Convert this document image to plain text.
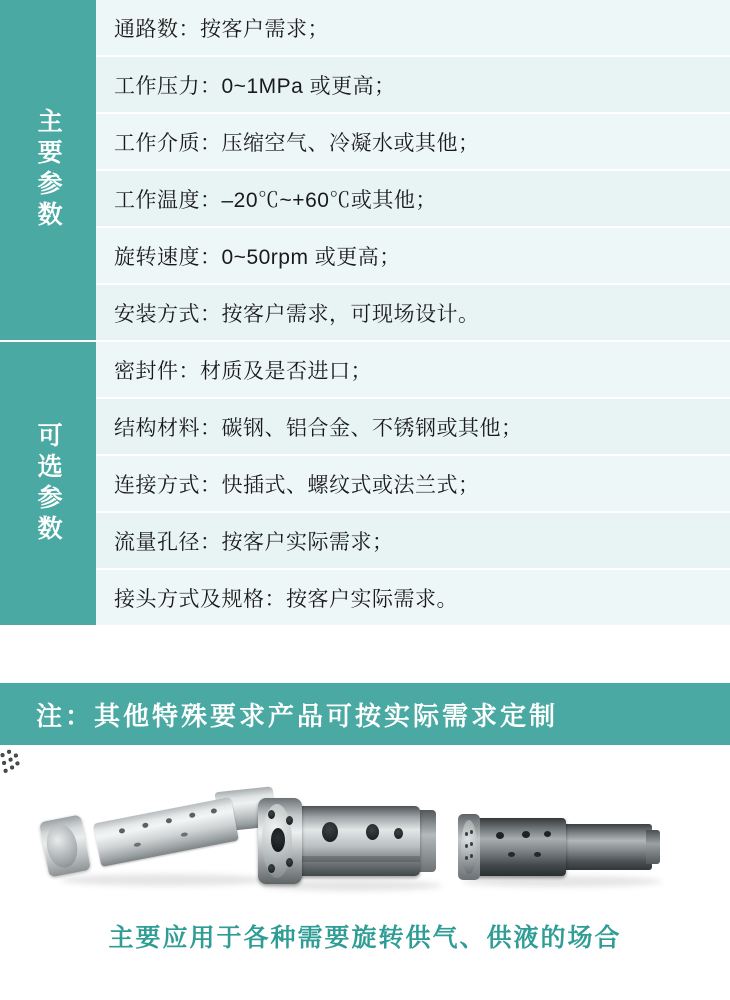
主要参数
通路数：按客户需求；
工作压力：0~1MPa 或更高；
工作介质：压缩空气、冷凝水或其他；
工作温度：–20℃~+60℃或其他；
旋转速度：0~50rpm 或更高；
安装方式：按客户需求，可现场设计。
可选参数
密封件：材质及是否进口；
结构材料：碳钢、铝合金、不锈钢或其他；
连接方式：快插式、螺纹式或法兰式；
流量孔径：按客户实际需求；
接头方式及规格：按客户实际需求。
注：其他特殊要求产品可按实际需求定制
主要应用于各种需要旋转供气、供液的场合
